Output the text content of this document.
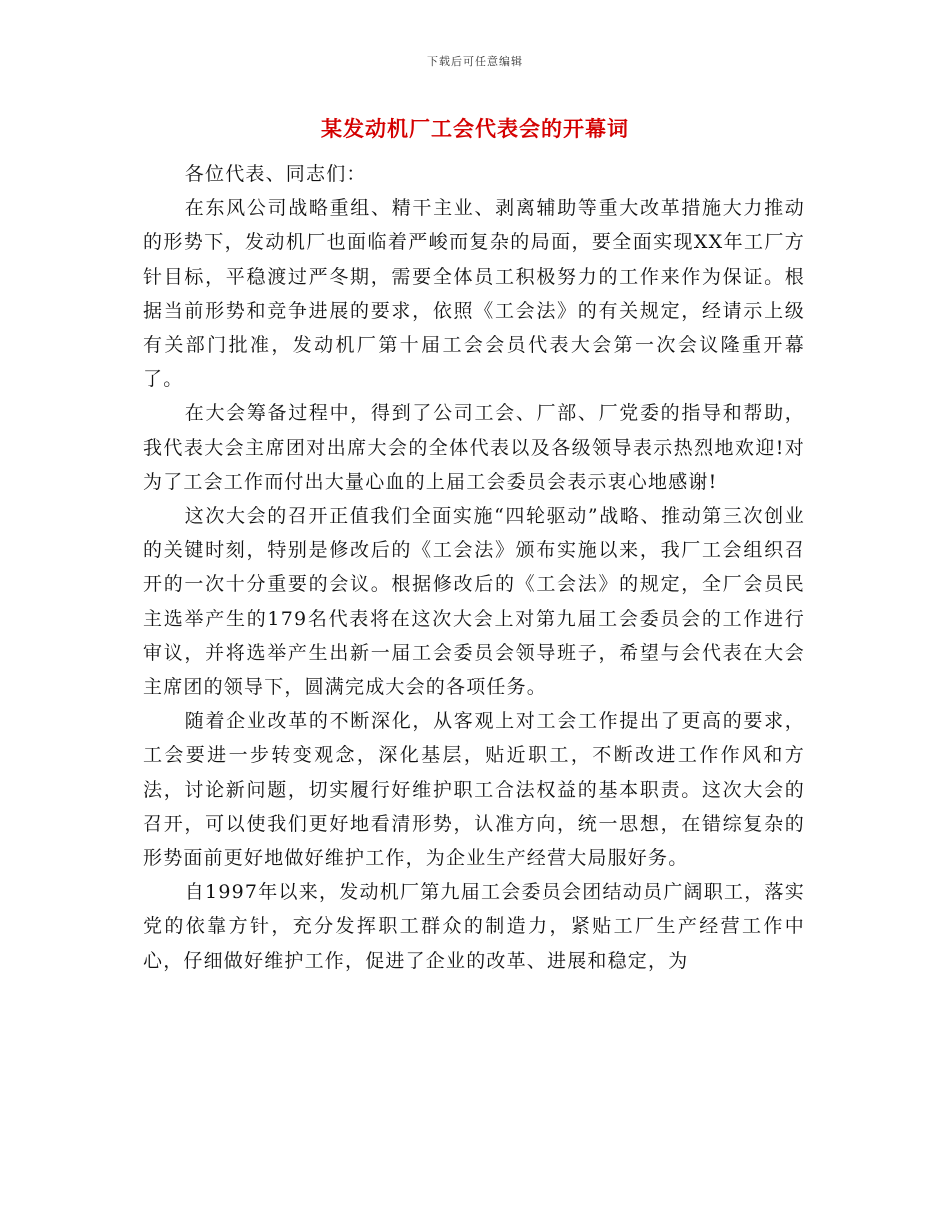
下载后可任意编辑
某发动机厂工会代表会的开幕词

各位代表、同志们：

在东风公司战略重组、精干主业、剥离辅助等重大改革措施大力推动的形势下，发动机厂也面临着严峻而复杂的局面，要全面实现XX年工厂方针目标，平稳渡过严冬期，需要全体员工积极努力的工作来作为保证。根据当前形势和竞争进展的要求，依照《工会法》的有关规定，经请示上级有关部门批准，发动机厂第十届工会会员代表大会第一次会议隆重开幕了。

在大会筹备过程中，得到了公司工会、厂部、厂党委的指导和帮助，我代表大会主席团对出席大会的全体代表以及各级领导表示热烈地欢迎!对为了工会工作而付出大量心血的上届工会委员会表示衷心地感谢!

这次大会的召开正值我们全面实施“四轮驱动”战略、推动第三次创业的关键时刻，特别是修改后的《工会法》颁布实施以来，我厂工会组织召开的一次十分重要的会议。根据修改后的《工会法》的规定，全厂会员民主选举产生的179名代表将在这次大会上对第九届工会委员会的工作进行审议，并将选举产生出新一届工会委员会领导班子，希望与会代表在大会主席团的领导下，圆满完成大会的各项任务。

随着企业改革的不断深化，从客观上对工会工作提出了更高的要求，工会要进一步转变观念，深化基层，贴近职工，不断改进工作作风和方法，讨论新问题，切实履行好维护职工合法权益的基本职责。这次大会的召开，可以使我们更好地看清形势，认准方向，统一思想，在错综复杂的形势面前更好地做好维护工作，为企业生产经营大局服好务。

自1997年以来，发动机厂第九届工会委员会团结动员广阔职工，落实党的依靠方针，充分发挥职工群众的制造力，紧贴工厂生产经营工作中心，仔细做好维护工作，促进了企业的改革、进展和稳定，为
